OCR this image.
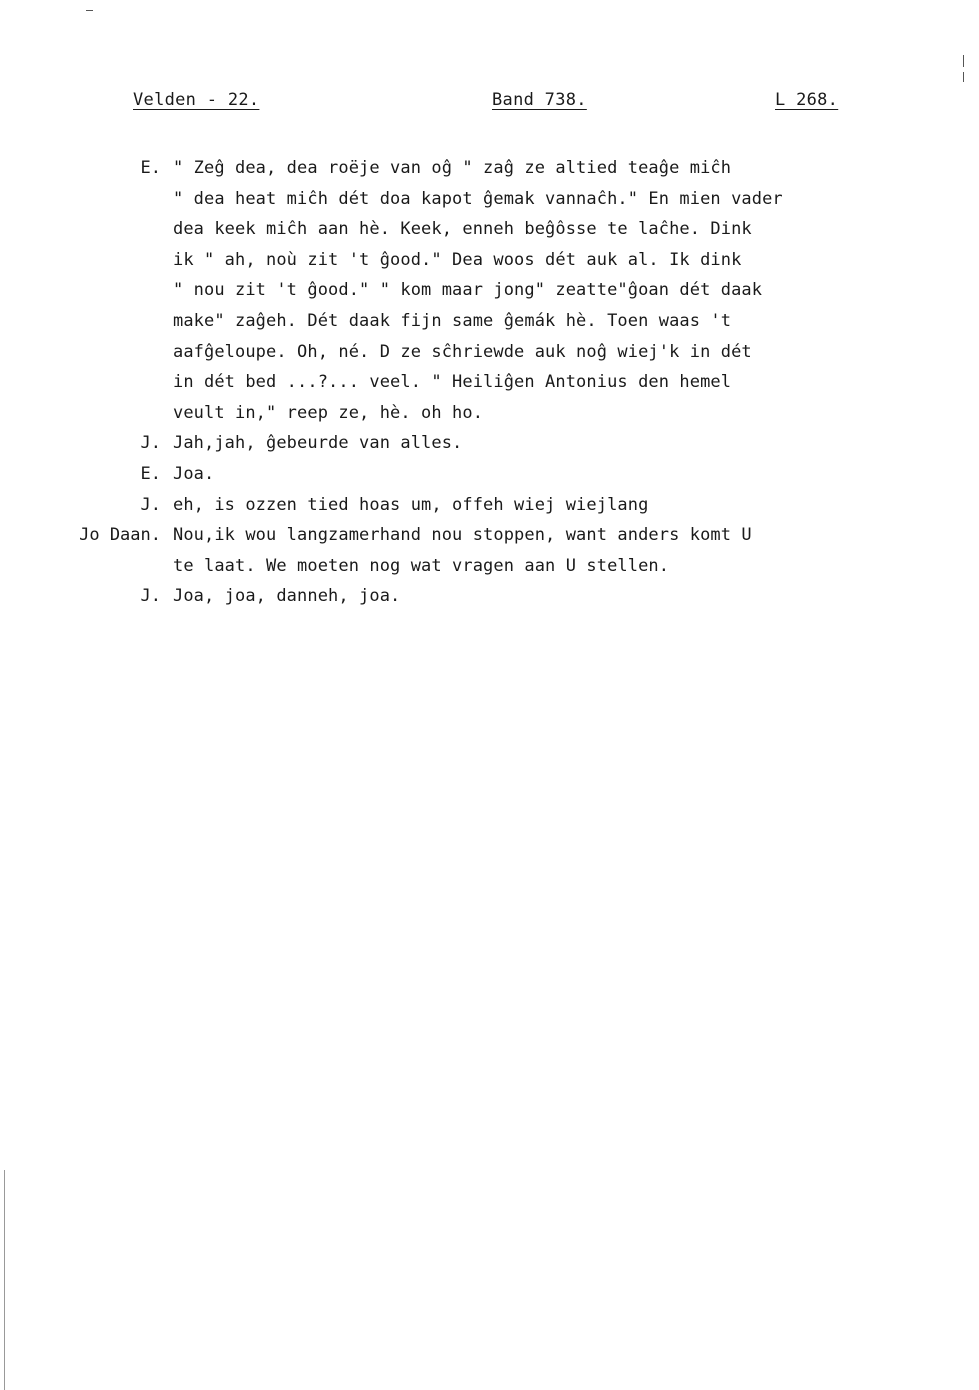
Velden - 22.	Band 738.	L 268.
E. " Zeĝ dea, dea roëje van oĝ " zaĝ ze altied teaĝe miĉh
" dea heat miĉh dét doa kapot ĝemak vannaĉh." En mien vader
dea keek miĉh aan hè. Keek, enneh beĝôsse te laĉhe. Dink
ik " ah, noù zit 't ĝood." Dea woos dét auk al. Ik dink
" nou zit 't ĝood." " kom maar jong" zeatte"ĝoan dét daak
make" zaĝeh. Dét daak fijn same ĝemák hè. Toen waas 't
aafĝeloupe. Oh, né. D ze sĉhriewde auk noĝ wiej'k in dét
in dét bed ...?... veel. " Heiliĝen Antonius den hemel
veult in," reep ze, hè. oh ho.
J. Jah,jah, ĝebeurde van alles.
E. Joa.
J. eh, is ozzen tied hoas um, offeh wiej wiejlang
Jo Daan. Nou,ik wou langzamerhand nou stoppen, want anders komt U
te laat. We moeten nog wat vragen aan U stellen.
J. Joa, joa, danneh, joa.
